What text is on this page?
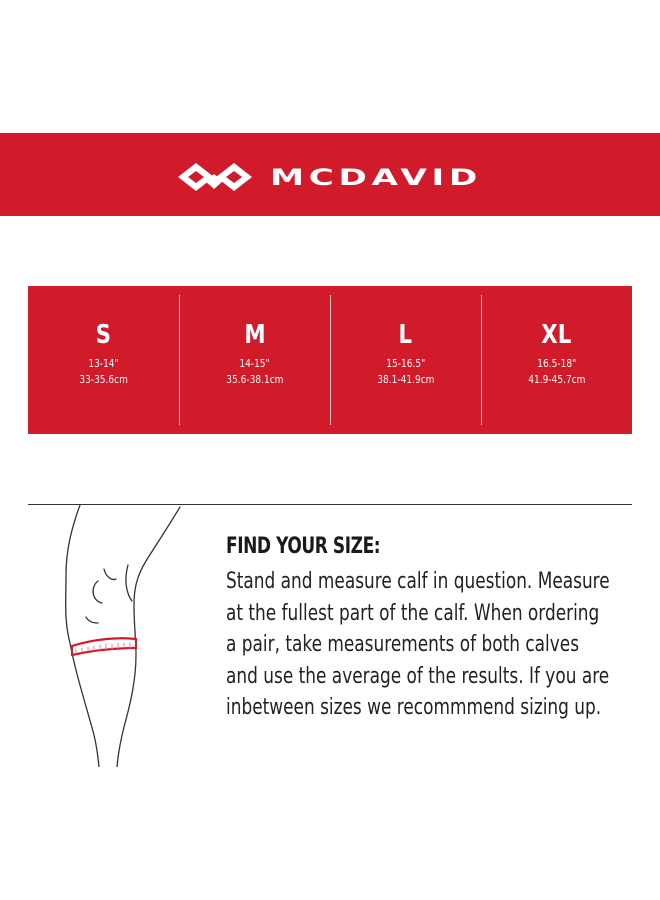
MCDAVID
S
13-14"
33-35.6cm
M
14-15"
35.6-38.1cm
L
15-16.5"
38.1-41.9cm
XL
16.5-18"
41.9-45.7cm
FIND YOUR SIZE:
Stand and measure calf in question. Measure
at the fullest part of the calf. When ordering
a pair, take measurements of both calves
and use the average of the results. If you are
inbetween sizes we recommmend sizing up.
